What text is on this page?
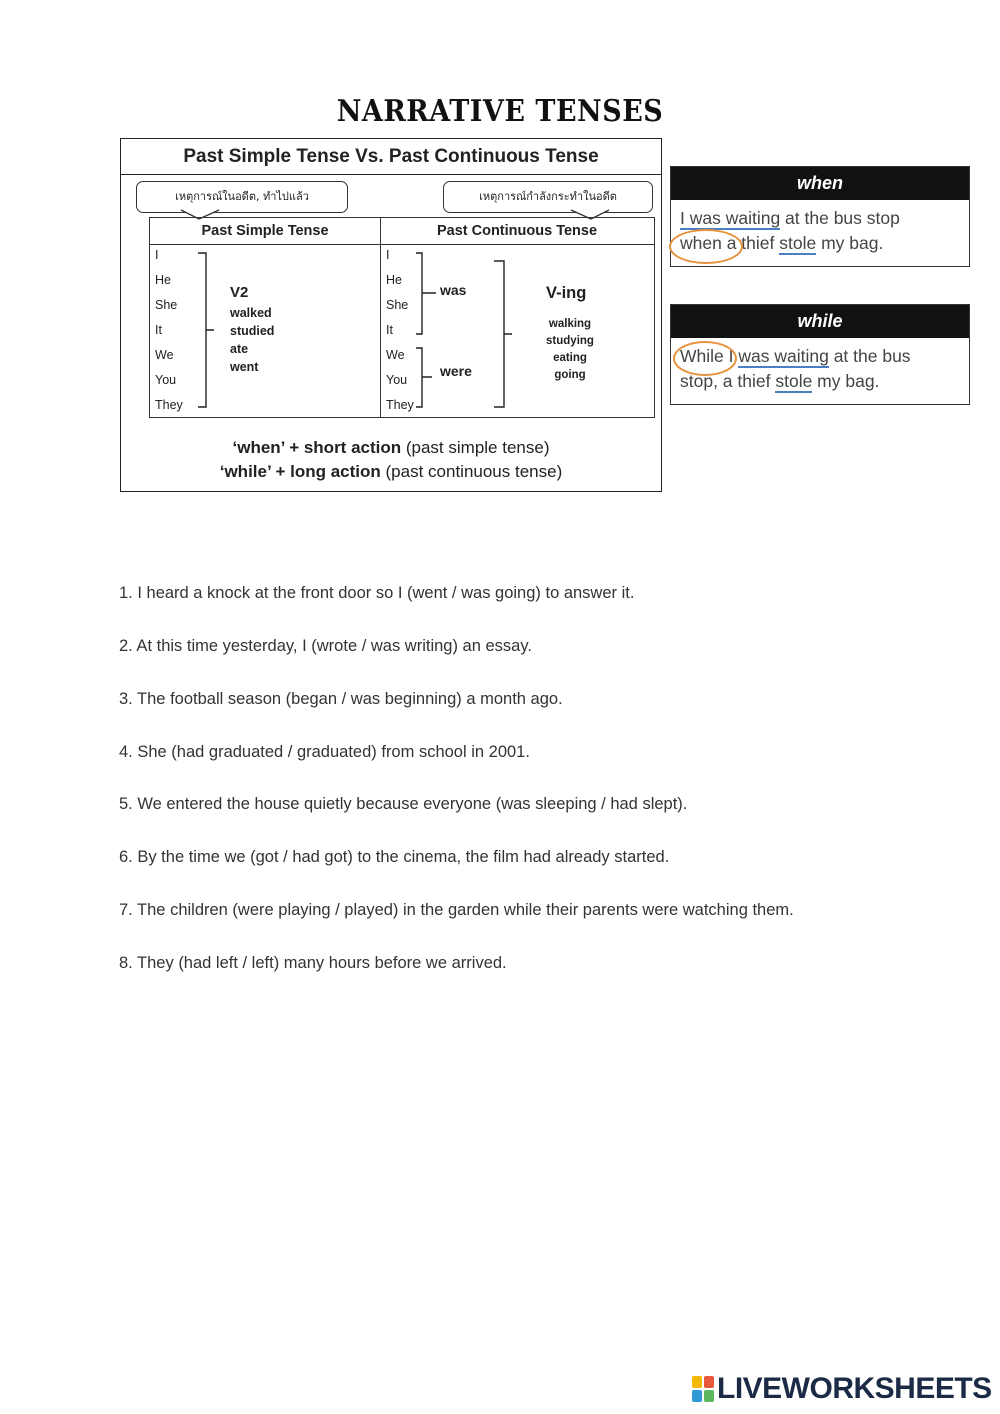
NARRATIVE TENSES
Past Simple Tense Vs. Past Continuous Tense
เหตุการณ์ในอดีต, ทำไปแล้ว	เหตุการณ์กำลังกระทำในอดีต
Past Simple Tense	Past Continuous Tense
I
He
She
It
We
You
They
V2
walked
studied
ate
went
I
He
She
It
We
You
They
was
were
V-ing
walking
studying
eating
going
‘when’ + short action (past simple tense)
‘while’ + long action (past continuous tense)
when
I was waiting at the bus stop
when a thief stole my bag.
while
While I was waiting at the bus
stop, a thief stole my bag.
1. I heard a knock at the front door so I (went / was going) to answer it.
2. At this time yesterday, I (wrote / was writing) an essay.
3. The football season (began / was beginning) a month ago.
4. She (had graduated / graduated) from school in 2001.
5. We entered the house quietly because everyone (was sleeping / had slept).
6. By the time we (got / had got) to the cinema, the film had already started.
7. The children (were playing / played) in the garden while their parents were watching them.
8. They (had left / left) many hours before we arrived.
LIVEWORKSHEETS
